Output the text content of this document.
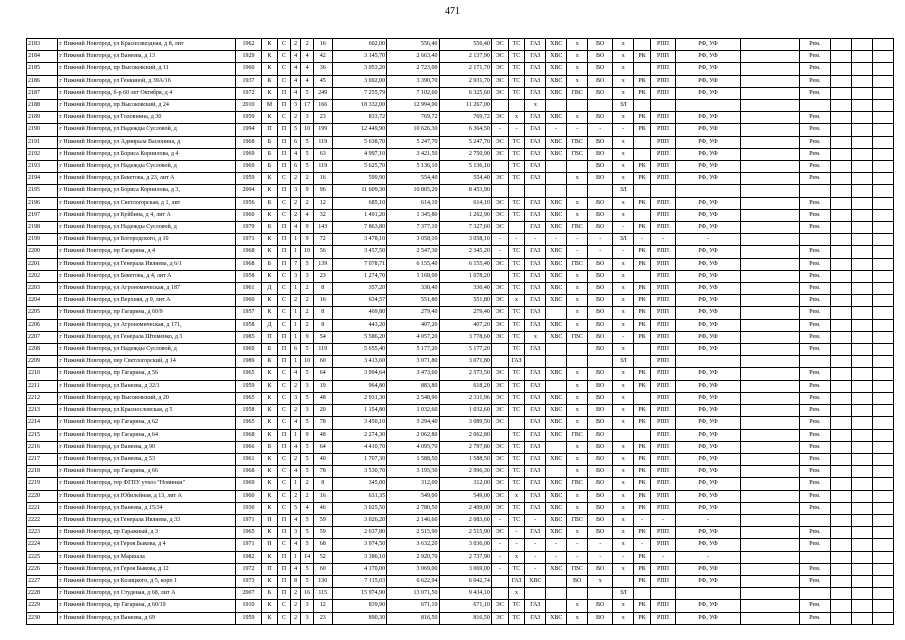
471
2183	г Нижний Новгород, ул Краснозвездная, д 8, лит	1962	К	С	2	2	16	602,00	556,40	556,40	ЭС	ТС	ГАЗ	ХВС	х	ВО	х		РПП	РФ, УФ		Рем.			
2184	г Нижний Новгород, ул Ванеева, д 13	1929	К	С	4	4	42	3 145,70	2 663,40	2 137,90	ЭС	ТС	ГАЗ	ХВС	х	ВО	х	РК	РПП	РФ, УФ		Рем.			
2185	г Нижний Новгород, пр Высоковский, д 11	1960	К	С	4	4	36	3 053,20	2 723,00	2 171,70	ЭС	ТС	ГАЗ	ХВС	х	ВО	х		РПП	РФ, УФ		Рем.			
2186	г Нижний Новгород, ул Генкиной, д 39А/16	1937	К	С	4	4	45	3 692,00	3 390,70	2 931,70	ЭС	ТС	ГАЗ	ХВС	х	ВО	х	РК	РПП	РФ, УФ		Рем.			
2187	г Нижний Новгород, б-р 60 лет Октября, д 4	1972	К	П	4	5	249	7 255,79	7 102,60	6 325,60	ЭС	ТС	ГАЗ	ХВС	ГВС	ВО	х	РК	РПП	РФ, УФ		Рем.			
2188	г Нижний Новгород, пр Высоковский, д 24	2010	М	П	3	17	166	18 332,00	12 994,00	11 267,00			х				ЗЛ								
2189	г Нижний Новгород, ул Головнина, д 30	1959	К	С	2	3	23	833,72	769,72	769,72	ЭС	х	ГАЗ	ХВС	х	ВО	х	РК	РПП	РФ, УФ		Рем.			
2190	г Нижний Новгород, ул Надежды Сусловой, д	1994	П	П	5	10	199	12 449,90	10 626,30	6 364,50	-	-	ГАЗ	-	-	-	-	РК	РПП	РФ, УФ		Рем.			
2191	г Нижний Новгород, ул Адмирала Васюнина, д	1968	Б	П	6	5	119	5 638,70	5 247,70	5 247,70	ЭС	ТС	ГАЗ	ХВС	ГВС	ВО	х		РПП	РФ, УФ		Рем.			
2192	г Нижний Новгород, ул Бориса Корнилова, д 4	1969	Б	П	4	5	63	4 997,10	3 421,50	2 750,90	ЭС	ТС	ГАЗ	ХВС	ГВС	ВО	х		РПП	РФ, УФ		Рем.			
2193	г Нижний Новгород, ул Надежды Сусловой, д	1969	Б	П	6	5	119	5 625,70	5 136,10	5 136,10		ТС	ГАЗ			ВО	х	РК	РПП	РФ, УФ		Рем.			
2194	г Нижний Новгород, ул Бекетова, д 23, лит А	1959	К	С	2	2	16	599,90	554,40	554,40	ЭС	ТС	ГАЗ		х	ВО	х	РК	РПП	РФ, УФ		Рем.			
2195	г Нижний Новгород, ул Бориса Корнилова, д 3,	2004	К	П	3	9	96	11 609,30	10 805,20	8 453,90							ЗЛ								
2196	г Нижний Новгород, ул Светлогорская, д 1, лит	1956	Б	С	2	2	12	685,10	614,10	614,10	ЭС	ТС	ГАЗ	ХВС	х	ВО	х	РК	РПП	РФ, УФ		Рем.			
2197	г Нижний Новгород, ул Куйбина, д 4, лит А	1960	К	С	2	4	32	1 491,20	1 345,80	1 262,90	ЭС	ТС	ГАЗ	ХВС	х	ВО	х		РПП	РФ, УФ		Рем.			
2198	г Нижний Новгород, ул Надежды Сусловой, д	1979	Б	П	4	9	143	7 863,80	7 377,10	7 327,60	ЭС		ГАЗ	ХВС	ГВС	ВО	-	РК	РПП	РФ, УФ		Рем.			
2199	г Нижний Новгород, ул Богородского, д 10	1971	К	П	1	9	72	3 478,10	3 058,10	3 058,10	-	-	-	-	-	-	ЗЛ	-	-	-					
2200	г Нижний Новгород, пр Гагарина, д 4	1968	К	П	1	10	56	3 457,50	2 547,30	2 345,20	-	ТС	ГАЗ	ХВС	-	-	-	РК	РПП	РФ, УФ		Рем.			
2201	г Нижний Новгород, ул Генерала Ивлиева, д 6/1	1968	Б	П	7	5	139	7 078,71	6 155,40	6 155,40	ЭС	ТС	ГАЗ	ХВС	ГВС	ВО	х	РК	РПП	РФ, УФ		Рем.			
2202	г Нижний Новгород, ул Бекетова, д 4, лит А	1958	К	С	3	3	23	1 274,70	1 168,00	1 078,20		ТС	ГАЗ	ХВС	х	ВО	х		РПП	РФ, УФ		Рем.			
2203	г Нижний Новгород, ул Агрономическая, д 187	1961	Д	С	1	2	8	357,20	330,40	330,40	ЭС	ТС	ГАЗ	ХВС	х	ВО	х	РК	РПП	РФ, УФ		Рем.			
2204	г Нижний Новгород, ул Верхняя, д 9, лит А	1960	К	С	2	2	16	634,57	551,80	551,80	ЭС	х	ГАЗ	ХВС	х	ВО	х	РК	РПП	РФ, УФ		Рем.			
2205	г Нижний Новгород, пр Гагарина, д 60/9	1957	К	С	1	2	8	469,80	279,40	279,40	ЭС	ТС	ГАЗ		х	ВО	х	РК	РПП	РФ, УФ		Рем.			
2206	г Нижний Новгород, ул Агрономическая, д 171,	1958	Д	С	1	2	8	443,20	407,20	407,20	ЭС	ТС	ГАЗ	ХВС	х	ВО	х	РК	РПП	РФ, УФ		Рем.			
2207	г Нижний Новгород, ул Генерала Штеменко, д 3	1985	П	П	1	9	54	5 586,20	4 057,20	3 778,60	ЭС	ТС	х	ХВС	ГВС	ВО	-	РК	РПП	РФ, УФ		Рем.			
2208	г Нижний Новгород, ул Надежды Сусловой, д	1969	Б	П	6	5	119	5 655,40	5 177,20	5 177,20		ТС	ГАЗ			ВО	х		РПП	РФ, УФ		Рем.			
2209	г Нижний Новгород, пер Светлогорский, д 14	1989	К	П	1	10	60	3 413,60	3 071,80	3 071,80		ГАЗ					ЗЛ		РПП						
2210	г Нижний Новгород, пр Гагарина, д 56	1965	К	С	4	5	64	3 994,64	3 473,60	2 573,50	ЭС	ТС	ГАЗ	ХВС	х	ВО	х	РК	РПП	РФ, УФ		Рем.			
2211	г Нижний Новгород, ул Ванеева, д 32/1	1959	К	С	2	3	19	964,80	883,80	618,20	ЭС	ТС	ГАЗ		х	ВО	х	РК	РПП	РФ, УФ		Рем.			
2212	г Нижний Новгород, пр Высоковский, д 20	1965	К	С	3	5	48	2 931,30	2 548,96	2 311,96	ЭС	ТС	ГАЗ	ХВС	х	ВО	х		РПП	РФ, УФ		Рем.			
2213	г Нижний Новгород, ул Краснословская, д 5	1958	К	С	2	3	20	1 154,80	1 032,60	1 032,60	ЭС	ТС	ГАЗ	ХВС	х	ВО	х	РК	РПП	РФ, УФ		Рем.			
2214	г Нижний Новгород, пр Гагарина, д 62	1965	К	С	4	5	78	3 450,10	3 294,40	3 089,50	ЭС		ГАЗ	ХВС	х	ВО	х	РК	РПП	РФ, УФ		Рем.			
2215	г Нижний Новгород, пр Гагарина, д 64	1968	К	П	1	9	48	2 274,30	2 062,80	2 062,80		ТС	ГАЗ	ХВС	ГВС	ВО			РПП	РФ, УФ		Рем.			
2216	г Нижний Новгород, ул Ванеева, д 90	1966	Б	П	4	5	64	4 410,70	4 095,70	2 797,80	ЭС	ТС	ГАЗ		х	ВО	х	РК	РПП	РФ, УФ		Рем.			
2217	г Нижний Новгород, ул Ванеева, д 53	1961	К	С	2	5	40	1 707,30	1 588,50	1 588,50	ЭС	ТС	ГАЗ	ХВС	х	ВО	х	РК	РПП	РФ, УФ		Рем.			
2218	г Нижний Новгород, пр Гагарина, д 66	1968	К	С	4	5	78	3 530,70	3 195,30	2 996,30	ЭС	ТС	ГАЗ		х	ВО	х	РК	РПП	РФ, УФ		Рем.			
2219	г Нижний Новгород, тер ФГПУ учхоз "Новинки"	1969	К	С	1	2	8	345,00	312,00	312,00	ЭС	ТС	ГАЗ	ХВС	ГВС	ВО	х	РК	РПП	РФ, УФ		Рем.			
2220	г Нижний Новгород, ул Юбилейная, д 13, лит А	1960	К	С	2	2	16	631,35	549,00	549,00	ЭС	х	ГАЗ	ХВС	х	ВО	х	РК	РПП	РФ, УФ		Рем.			
2221	г Нижний Новгород, ул Ванеева, д 15/34	1930	К	С	5	4	46	3 025,50	2 780,50	2 499,00	ЭС	ТС	ГАЗ	ХВС	х	ВО	х	РК	РПП	РФ, УФ		Рем.			
2222	г Нижний Новгород, ул Генерала Ивлиева, д 33	1971	П	П	4	5	59	3 026,20	2 146,60	2 083,60	-	ТС	-	ХВС	ГВС	ВО	х	-	-	-					
2223	г Нижний Новгород, пр Гаражный, д 3	1965	К	П	3	5	59	2 637,80	2 515,90	2 515,90	ЭС	-	ГАЗ	ХВС	х	ВО	х	РК	РПП	РФ, УФ		Рем.			
2224	г Нижний Новгород, ул Героя Быкова, д 4	1971	П	С	4	5	68	3 974,50	3 632,20	3 036,00	-	-	-	-	-	-	х	-	РПП	РФ, УФ		Рем.			
2225	г Нижний Новгород, ул Маршала	1982	К	П	1	14	52	3 386,10	2 920,70	2 737,90	-	х	-	-	-	-	-	РК	-	-					
2226	г Нижний Новгород, ул Героя Быкова, д 12	1972	П	П	4	5	60	4 170,00	3 069,00	3 069,00	-	ТС	-	ХВС	ГВС	ВО	х	РК	РПП	РФ, УФ		Рем.			
2227	г Нижний Новгород, ул Козицкого, д 5, корп 1	1973	К	П	8	5	130	7 115,03	6 622,94	6 042,74		ГАЗ	ХВС		ВО	х		РК	РПП	РФ, УФ		Рем.			
2228	г Нижний Новгород, ул Студеная, д 68, лит А	2007	Б	П	2	16	115	15 974,90	13 071,50	9 434,10		х					ЗЛ								
2229	г Нижний Новгород, пр Гагарина, д 60/19	1910	К	С	2	3	12	839,90	671,10	671,10	ЭС	ТС	ГАЗ		х	ВО	х	РК	РПП	РФ, УФ		Рем.			
2230	г Нижний Новгород, ул Ванеева, д 69	1959	К	С	2	3	23	890,30	816,50	816,50	ЭС	ТС	ГАЗ	ХВС	х	ВО	х	РК	РПП	РФ, УФ		Рем.			
